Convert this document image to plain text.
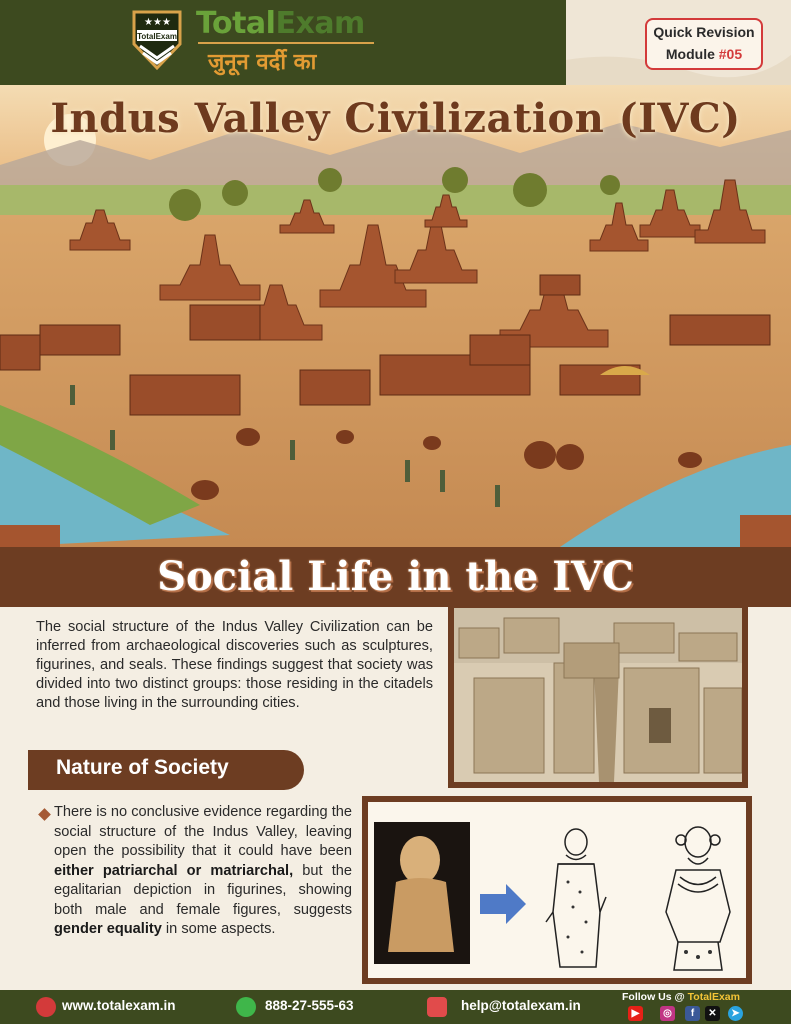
★ ★ ★
TotalExam TotalExam
जुनून वर्दी का
Quick Revision
Module #05
Indus Valley Civilization (IVC)
Social Life in the IVC

The social structure of the Indus Valley Civilization can be inferred from archaeological discoveries such as sculptures, figurines, and seals. These findings suggest that society was divided into two distinct groups: those residing in the citadels and those living in the surrounding cities.

Nature of Society

There is no conclusive evidence regarding the social structure of the Indus Valley, leaving open the possibility that it could have been either patriarchal or matriarchal, but the egalitarian depiction in figurines, showing both male and female figures, suggests gender equality in some aspects.

www.totalexam.in	888-27-555-63	help@totalexam.in
Follow Us @ TotalExam
▶	◎	f	✕	➤
